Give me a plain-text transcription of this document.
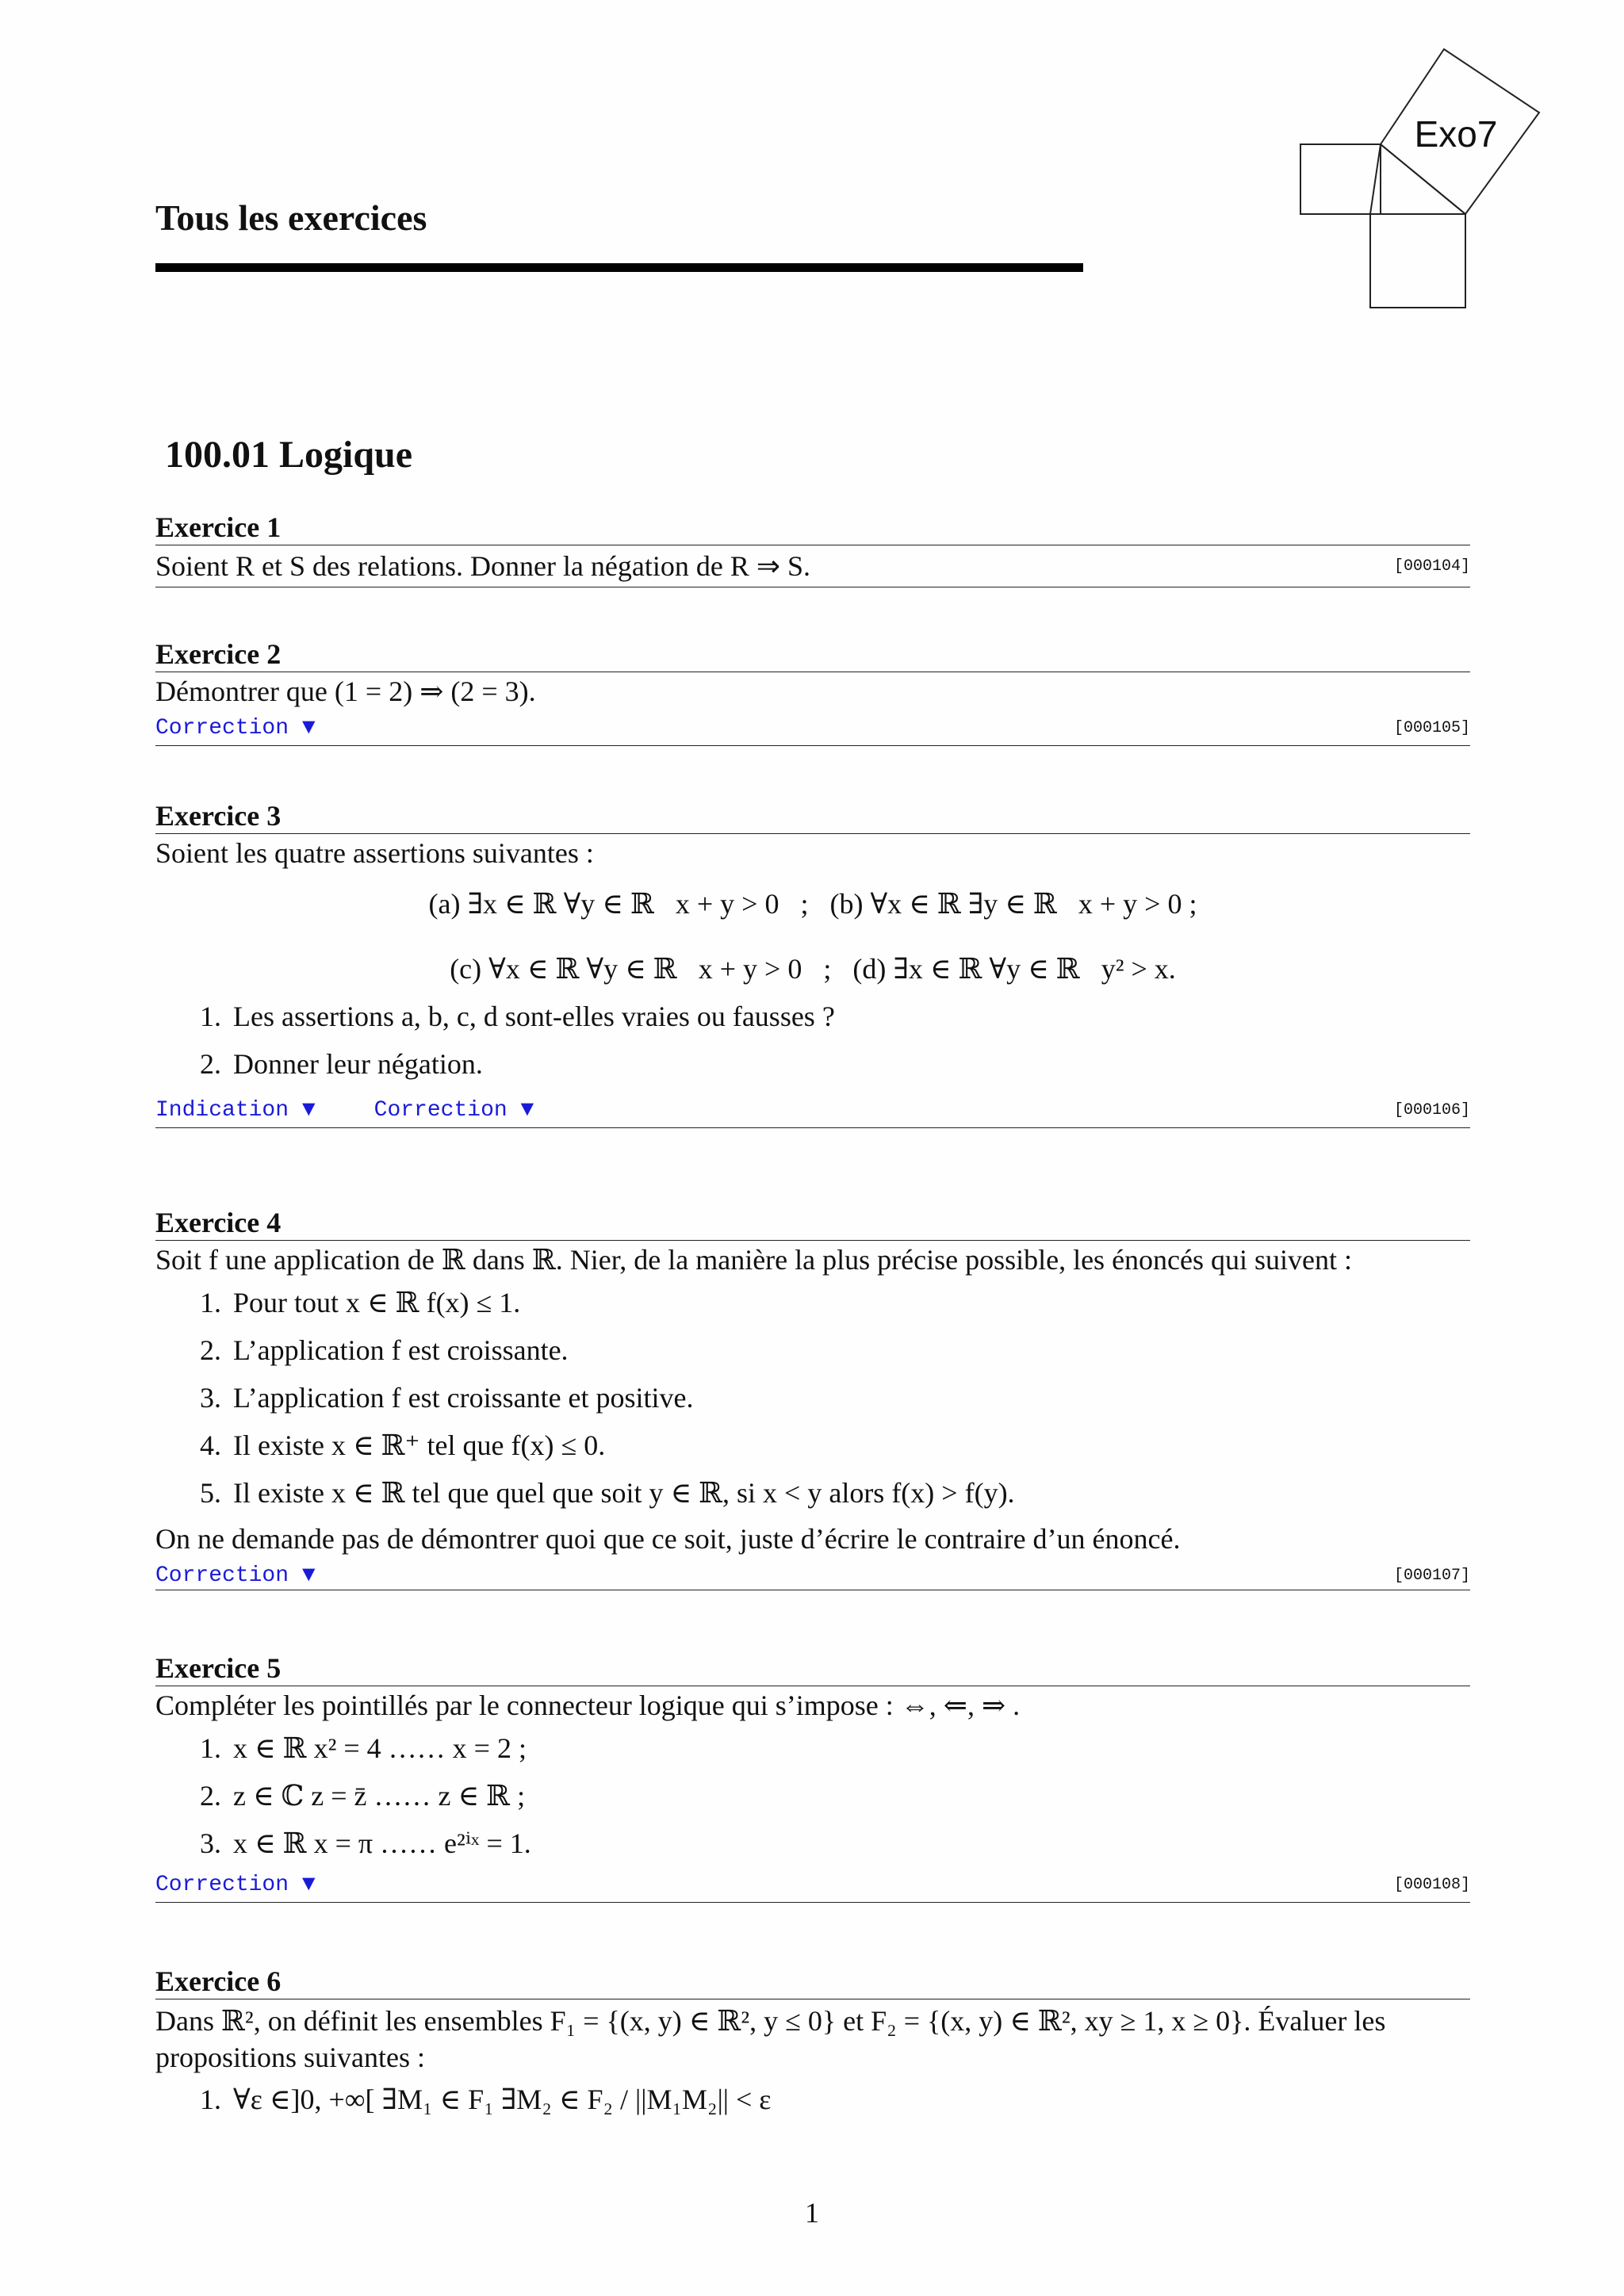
Tous les exercices
Exo7
100.01 Logique
Exercice 1
Soient R et S des relations. Donner la négation de R ⇒ S.	[000104]
Exercice 2
Démontrer que (1 = 2) ⇒ (2 = 3).
Correction ▼	[000105]
Exercice 3
Soient les quatre assertions suivantes :
(a) ∃x ∈ ℝ ∀y ∈ ℝ   x + y > 0   ;   (b) ∀x ∈ ℝ ∃y ∈ ℝ   x + y > 0 ;
(c) ∀x ∈ ℝ ∀y ∈ ℝ   x + y > 0   ;   (d) ∃x ∈ ℝ ∀y ∈ ℝ   y² > x.
1. Les assertions a, b, c, d sont-elles vraies ou fausses ?
2. Donner leur négation.
Indication ▼	Correction ▼	[000106]
Exercice 4
Soit f une application de ℝ dans ℝ. Nier, de la manière la plus précise possible, les énoncés qui suivent :
1. Pour tout x ∈ ℝ f(x) ≤ 1.
2. L’application f est croissante.
3. L’application f est croissante et positive.
4. Il existe x ∈ ℝ⁺ tel que f(x) ≤ 0.
5. Il existe x ∈ ℝ tel que quel que soit y ∈ ℝ, si x < y alors f(x) > f(y).
On ne demande pas de démontrer quoi que ce soit, juste d’écrire le contraire d’un énoncé.
Correction ▼	[000107]
Exercice 5
Compléter les pointillés par le connecteur logique qui s’impose : ⇔, ⇐, ⇒ .
1. x ∈ ℝ x² = 4 …… x = 2 ;
2. z ∈ ℂ z = z̄ …… z ∈ ℝ ;
3. x ∈ ℝ x = π …… e²ⁱˣ = 1.
Correction ▼	[000108]
Exercice 6
Dans ℝ², on définit les ensembles F₁ = {(x, y) ∈ ℝ², y ≤ 0} et F₂ = {(x, y) ∈ ℝ², xy ≥ 1, x ≥ 0}. Évaluer les propositions suivantes :
1. ∀ε ∈]0, +∞[ ∃M₁ ∈ F₁ ∃M₂ ∈ F₂ / ||M₁M₂|| < ε
1
